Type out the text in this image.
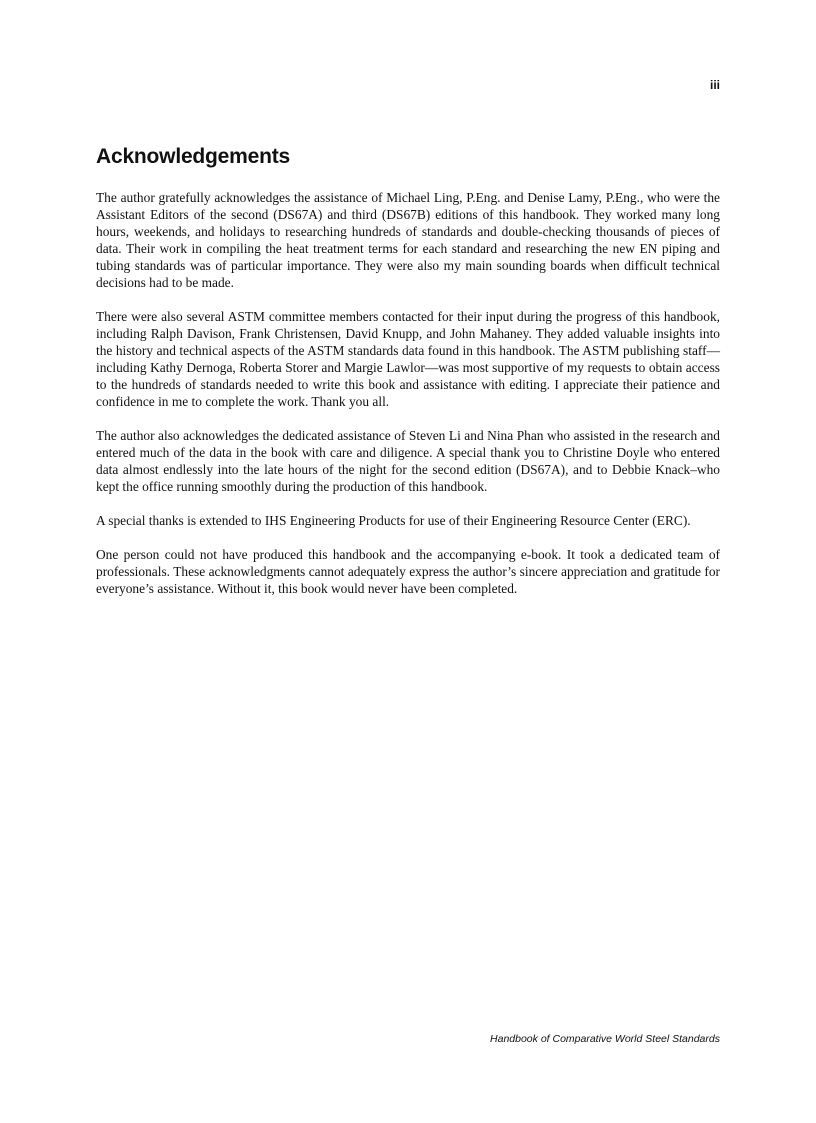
iii
Acknowledgements

The author gratefully acknowledges the assistance of Michael Ling, P.Eng. and Denise Lamy, P.Eng., who were the Assistant Editors of the second (DS67A) and third (DS67B) editions of this handbook. They worked many long hours, weekends, and holidays to researching hundreds of standards and double-checking thousands of pieces of data. Their work in compiling the heat treatment terms for each standard and researching the new EN piping and tubing standards was of particular importance. They were also my main sounding boards when difficult technical decisions had to be made.

There were also several ASTM committee members contacted for their input during the progress of this handbook, including Ralph Davison, Frank Christensen, David Knupp, and John Mahaney. They added valuable insights into the history and technical aspects of the ASTM standards data found in this handbook. The ASTM publishing staff—including Kathy Dernoga, Roberta Storer and Margie Lawlor—was most supportive of my requests to obtain access to the hundreds of standards needed to write this book and assistance with editing. I appreciate their patience and confidence in me to complete the work. Thank you all.

The author also acknowledges the dedicated assistance of Steven Li and Nina Phan who assisted in the research and entered much of the data in the book with care and diligence. A special thank you to Christine Doyle who entered data almost endlessly into the late hours of the night for the second edition (DS67A), and to Debbie Knack–who kept the office running smoothly during the production of this handbook.

A special thanks is extended to IHS Engineering Products for use of their Engineering Resource Center (ERC).

One person could not have produced this handbook and the accompanying e-book. It took a dedicated team of professionals. These acknowledgments cannot adequately express the author’s sincere appreciation and gratitude for everyone’s assistance. Without it, this book would never have been completed.

Handbook of Comparative World Steel Standards
